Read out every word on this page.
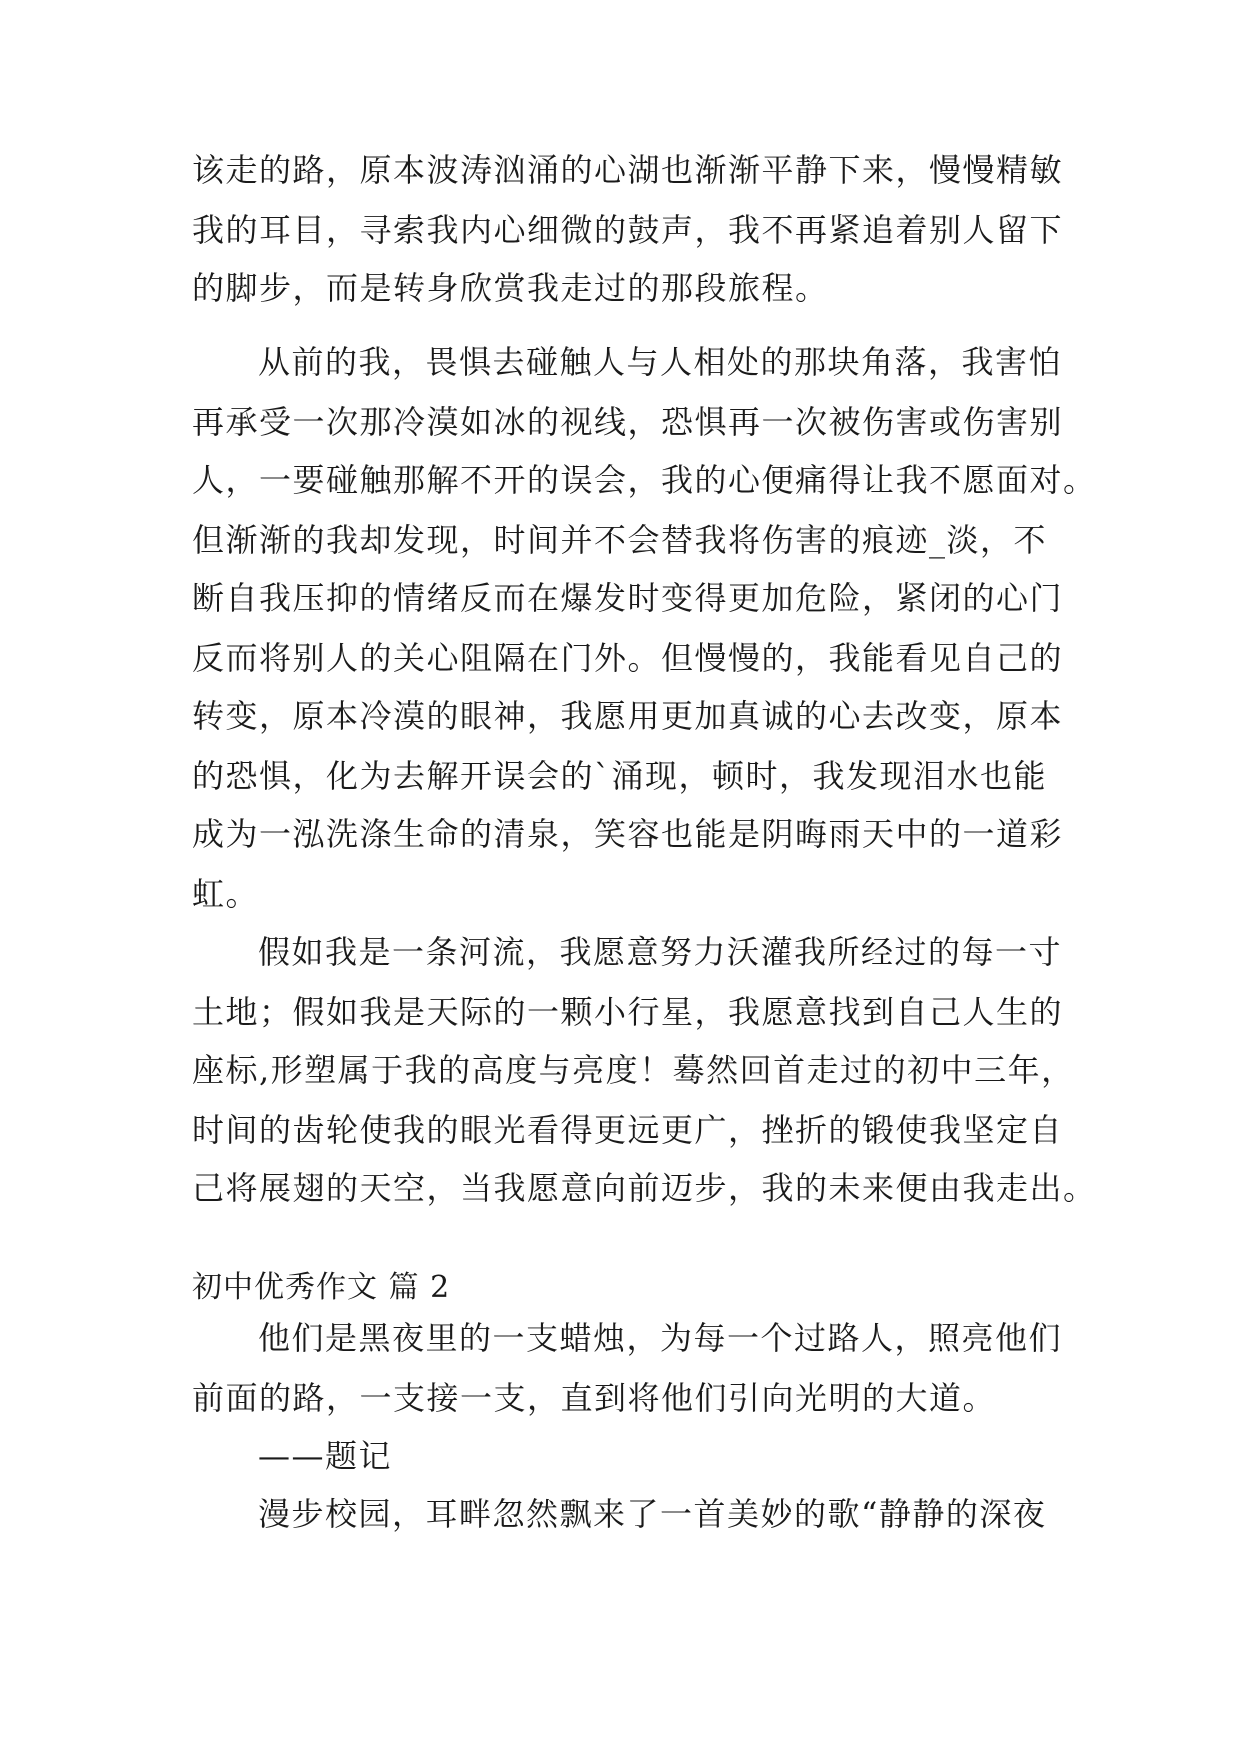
该走的路，原本波涛汹涌的心湖也渐渐平静下来，慢慢精敏
我的耳目，寻索我内心细微的鼓声，我不再紧追着别人留下
的脚步，而是转身欣赏我走过的那段旅程。
从前的我，畏惧去碰触人与人相处的那块角落，我害怕
再承受一次那冷漠如冰的视线，恐惧再一次被伤害或伤害别
人，一要碰触那解不开的误会，我的心便痛得让我不愿面对。
但渐渐的我却发现，时间并不会替我将伤害的痕迹_淡，不
断自我压抑的情绪反而在爆发时变得更加危险，紧闭的心门
反而将别人的关心阻隔在门外。但慢慢的，我能看见自己的
转变，原本冷漠的眼神，我愿用更加真诚的心去改变，原本
的恐惧，化为去解开误会的`涌现，顿时，我发现泪水也能
成为一泓洗涤生命的清泉，笑容也能是阴晦雨天中的一道彩
虹。
假如我是一条河流，我愿意努力沃灌我所经过的每一寸
土地；假如我是天际的一颗小行星，我愿意找到自己人生的
座标,形塑属于我的高度与亮度！蓦然回首走过的初中三年，
时间的齿轮使我的眼光看得更远更广，挫折的锻使我坚定自
己将展翅的天空，当我愿意向前迈步，我的未来便由我走出。
初中优秀作文 篇 2
他们是黑夜里的一支蜡烛，为每一个过路人，照亮他们
前面的路，一支接一支，直到将他们引向光明的大道。
——题记
漫步校园，耳畔忽然飘来了一首美妙的歌“静静的深夜
